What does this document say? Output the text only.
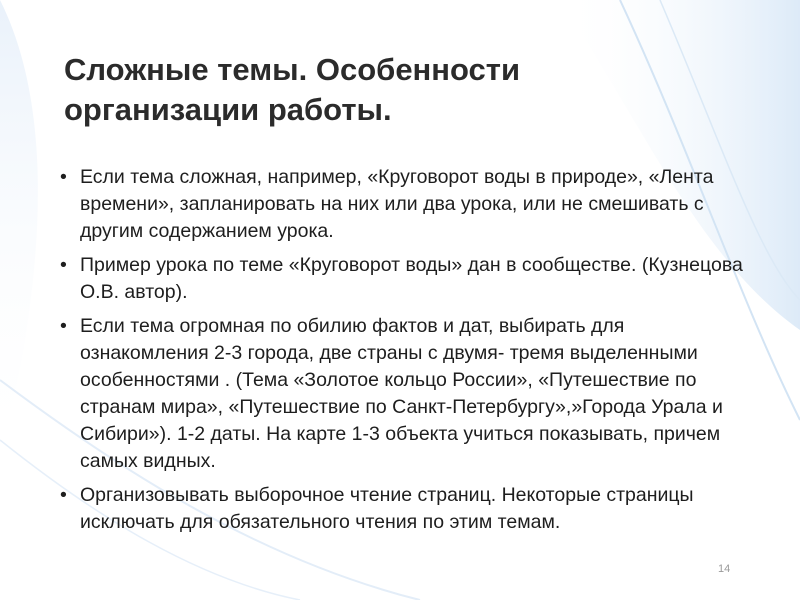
Сложные темы. Особенности организации работы.
• Если тема сложная, например, «Круговорот воды в природе», «Лента времени», запланировать на них или два урока, или не смешивать с другим содержанием урока.
• Пример урока по теме «Круговорот воды» дан в сообществе. (Кузнецова О.В. автор).
• Если тема огромная по обилию фактов и дат, выбирать для ознакомления 2-3 города, две страны с двумя- тремя выделенными особенностями . (Тема «Золотое кольцо России», «Путешествие по странам мира», «Путешествие по Санкт-Петербургу»,»Города Урала и Сибири»). 1-2 даты. На карте 1-3 объекта учиться показывать, причем самых видных.
• Организовывать выборочное чтение страниц. Некоторые страницы исключать для обязательного чтения по этим темам.
14
